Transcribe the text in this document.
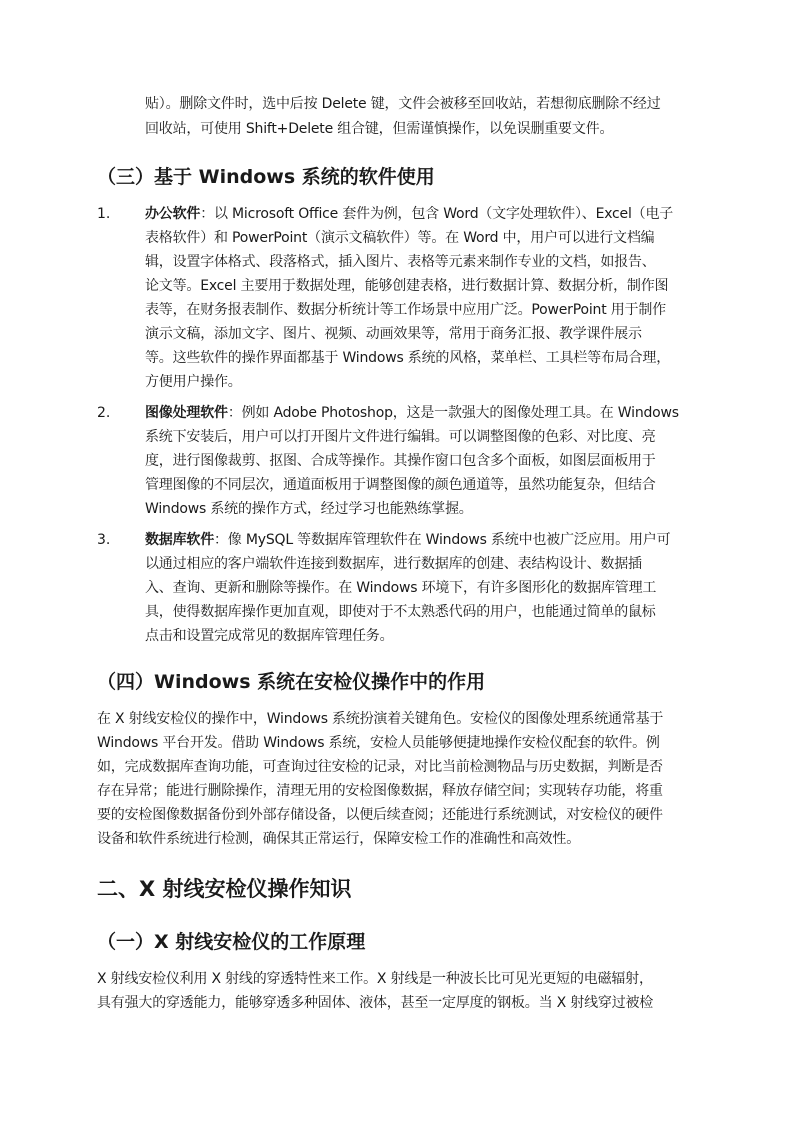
贴）。删除文件时，选中后按 Delete 键，文件会被移至回收站，若想彻底删除不经过
回收站，可使用 Shift+Delete 组合键，但需谨慎操作，以免误删重要文件。
（三）基于 Windows 系统的软件使用
1. 办公软件：以 Microsoft Office 套件为例，包含 Word（文字处理软件）、Excel（电子
表格软件）和 PowerPoint（演示文稿软件）等。在 Word 中，用户可以进行文档编
辑，设置字体格式、段落格式，插入图片、表格等元素来制作专业的文档，如报告、
论文等。Excel 主要用于数据处理，能够创建表格，进行数据计算、数据分析，制作图
表等，在财务报表制作、数据分析统计等工作场景中应用广泛。PowerPoint 用于制作
演示文稿，添加文字、图片、视频、动画效果等，常用于商务汇报、教学课件展示
等。这些软件的操作界面都基于 Windows 系统的风格，菜单栏、工具栏等布局合理，
方便用户操作。
2. 图像处理软件：例如 Adobe Photoshop，这是一款强大的图像处理工具。在 Windows
系统下安装后，用户可以打开图片文件进行编辑。可以调整图像的色彩、对比度、亮
度，进行图像裁剪、抠图、合成等操作。其操作窗口包含多个面板，如图层面板用于
管理图像的不同层次，通道面板用于调整图像的颜色通道等，虽然功能复杂，但结合
Windows 系统的操作方式，经过学习也能熟练掌握。
3. 数据库软件：像 MySQL 等数据库管理软件在 Windows 系统中也被广泛应用。用户可
以通过相应的客户端软件连接到数据库，进行数据库的创建、表结构设计、数据插
入、查询、更新和删除等操作。在 Windows 环境下，有许多图形化的数据库管理工
具，使得数据库操作更加直观，即使对于不太熟悉代码的用户，也能通过简单的鼠标
点击和设置完成常见的数据库管理任务。
（四）Windows 系统在安检仪操作中的作用
在 X 射线安检仪的操作中，Windows 系统扮演着关键角色。安检仪的图像处理系统通常基于
Windows 平台开发。借助 Windows 系统，安检人员能够便捷地操作安检仪配套的软件。例
如，完成数据库查询功能，可查询过往安检的记录，对比当前检测物品与历史数据，判断是否
存在异常；能进行删除操作，清理无用的安检图像数据，释放存储空间；实现转存功能，将重
要的安检图像数据备份到外部存储设备，以便后续查阅；还能进行系统测试，对安检仪的硬件
设备和软件系统进行检测，确保其正常运行，保障安检工作的准确性和高效性。
二、X 射线安检仪操作知识
（一）X 射线安检仪的工作原理
X 射线安检仪利用 X 射线的穿透特性来工作。X 射线是一种波长比可见光更短的电磁辐射，
具有强大的穿透能力，能够穿透多种固体、液体，甚至一定厚度的钢板。当 X 射线穿过被检
